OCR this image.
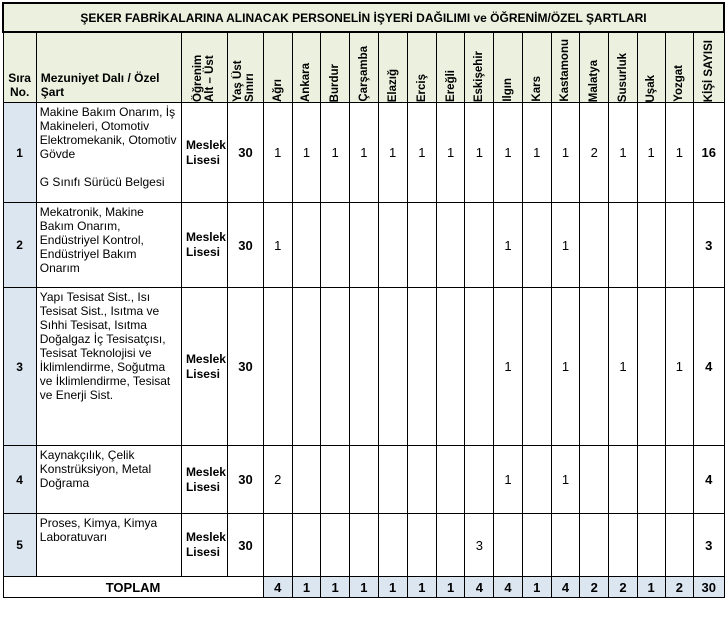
ŞEKER FABRİKALARINA ALINACAK PERSONELİN İŞYERİ DAĞILIMI ve ÖĞRENİM/ÖZEL ŞARTLARI																			
Sıra No.	Mezuniyet Dalı / Özel Şart	Öğrenim Alt – Üst	Yaş Üst Sınırı	Ağrı	Ankara	Burdur	Çarşamba	Elazığ	Erciş	Ereğli	Eskişehir	Ilgın	Kars	Kastamonu	Malatya	Susurluk	Uşak	Yozgat	KİŞİ SAYISI

1	Makine Bakım Onarım, İş Makineleri, Otomotiv Elektromekanik, Otomotiv Gövde
G Sınıfı Sürücü Belgesi	Meslek Lisesi	30	1	1	1	1	1	1	1	1	1	1	1	2	1	1	1	16
2	Mekatronik, Makine Bakım Onarım, Endüstriyel Kontrol, Endüstriyel Bakım Onarım	Meslek Lisesi	30	1								1		1					3
3	Yapı Tesisat Sist., Isı Tesisat Sist., Isıtma ve Sıhhi Tesisat, Isıtma Doğalgaz İç Tesisatçısı, Tesisat Teknolojisi ve İklimlendirme, Soğutma ve İklimlendirme, Tesisat ve Enerji Sist.	Meslek Lisesi	30									1		1		1		1	4
4	Kaynakçılık, Çelik Konstrüksiyon, Metal Doğrama	Meslek Lisesi	30	2								1		1					4
5	Proses, Kimya, Kimya Laboratuvarı	Meslek Lisesi	30								3								3
TOPLAM				4	1	1	1	1	1	1	4	4	1	4	2	2	1	2	30
